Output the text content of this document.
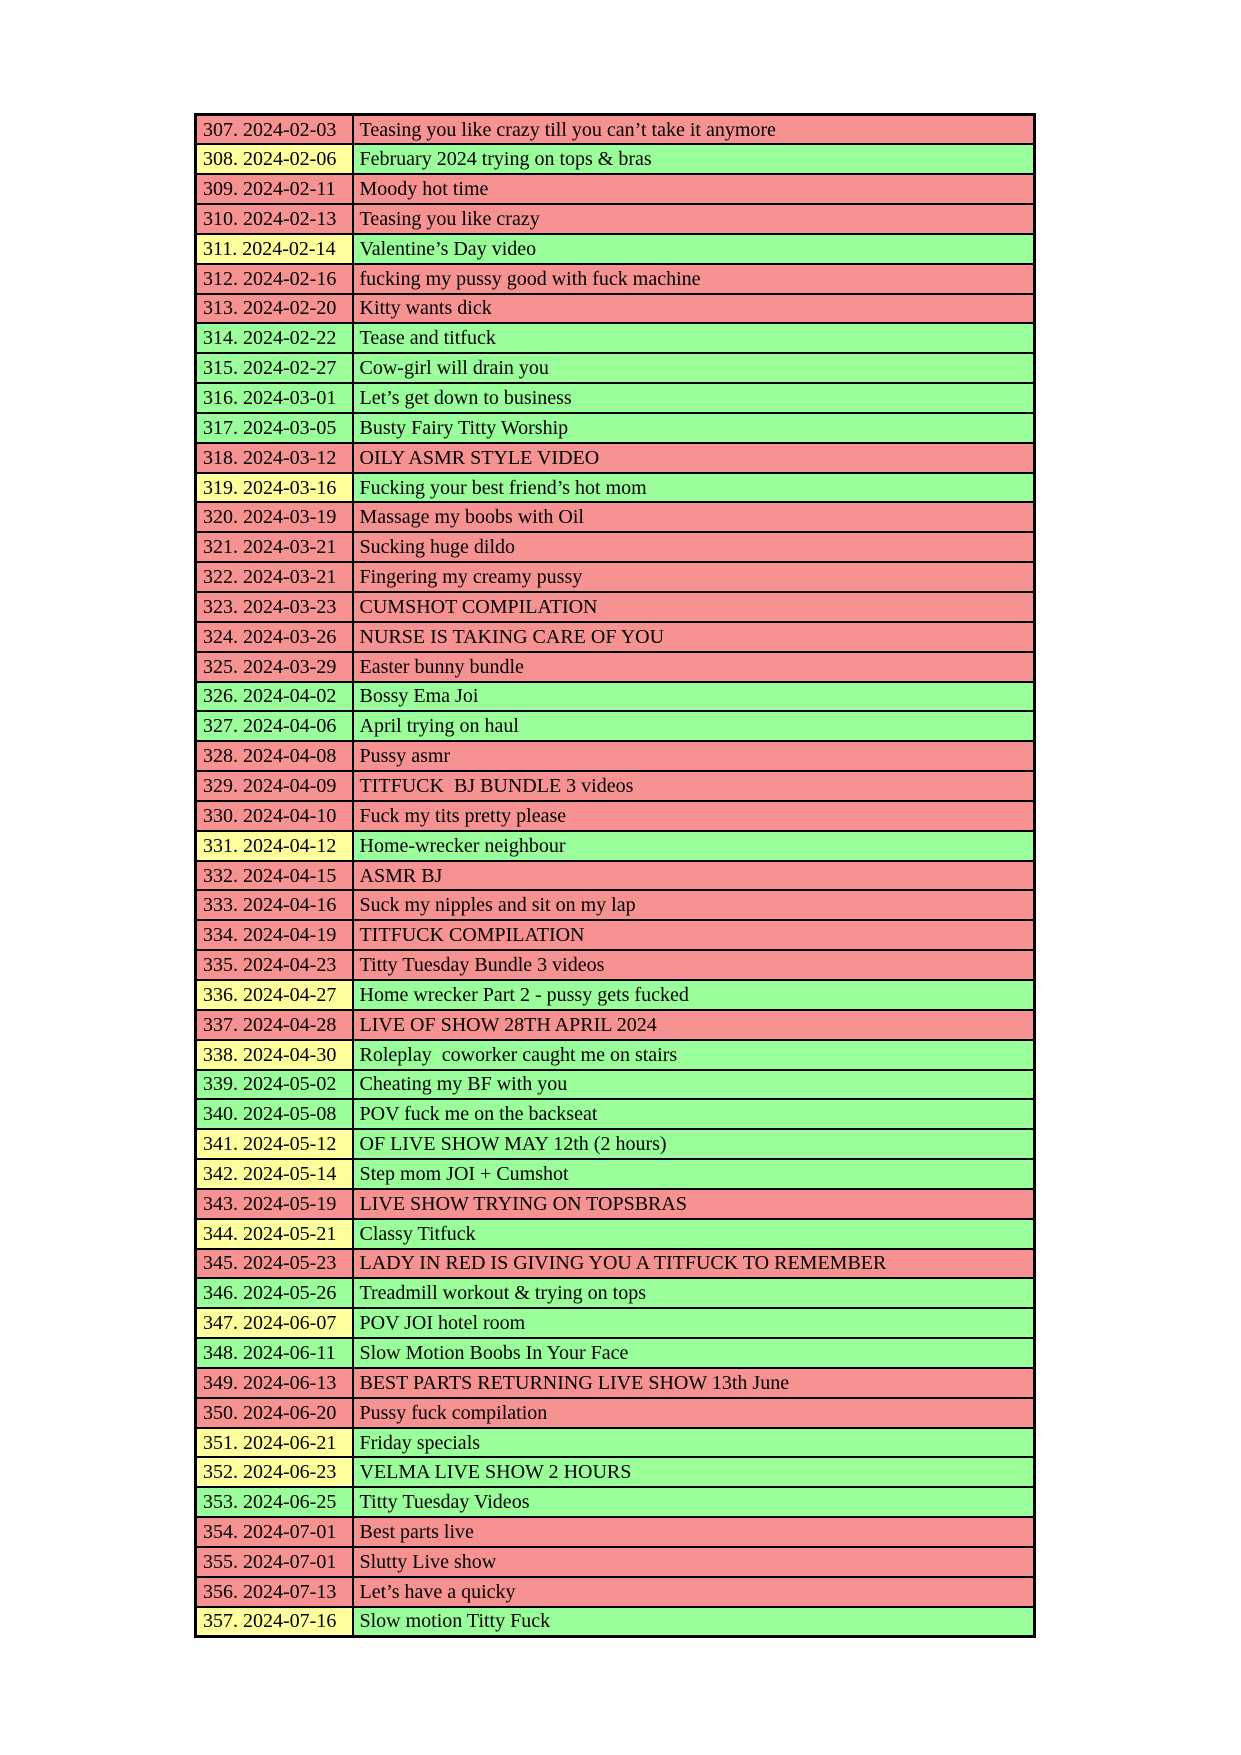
307. 2024-02-03	Teasing you like crazy till you can’t take it anymore
308. 2024-02-06	February 2024 trying on tops & bras
309. 2024-02-11	Moody hot time
310. 2024-02-13	Teasing you like crazy
311. 2024-02-14	Valentine’s Day video
312. 2024-02-16	fucking my pussy good with fuck machine
313. 2024-02-20	Kitty wants dick
314. 2024-02-22	Tease and titfuck
315. 2024-02-27	Cow-girl will drain you
316. 2024-03-01	Let’s get down to business
317. 2024-03-05	Busty Fairy Titty Worship
318. 2024-03-12	OILY ASMR STYLE VIDEO
319. 2024-03-16	Fucking your best friend’s hot mom
320. 2024-03-19	Massage my boobs with Oil
321. 2024-03-21	Sucking huge dildo
322. 2024-03-21	Fingering my creamy pussy
323. 2024-03-23	CUMSHOT COMPILATION
324. 2024-03-26	NURSE IS TAKING CARE OF YOU
325. 2024-03-29	Easter bunny bundle
326. 2024-04-02	Bossy Ema Joi
327. 2024-04-06	April trying on haul
328. 2024-04-08	Pussy asmr
329. 2024-04-09	TITFUCK  BJ BUNDLE 3 videos
330. 2024-04-10	Fuck my tits pretty please
331. 2024-04-12	Home-wrecker neighbour
332. 2024-04-15	ASMR BJ
333. 2024-04-16	Suck my nipples and sit on my lap
334. 2024-04-19	TITFUCK COMPILATION
335. 2024-04-23	Titty Tuesday Bundle 3 videos
336. 2024-04-27	Home wrecker Part 2 - pussy gets fucked
337. 2024-04-28	LIVE OF SHOW 28TH APRIL 2024
338. 2024-04-30	Roleplay  coworker caught me on stairs
339. 2024-05-02	Cheating my BF with you
340. 2024-05-08	POV fuck me on the backseat
341. 2024-05-12	OF LIVE SHOW MAY 12th (2 hours)
342. 2024-05-14	Step mom JOI + Cumshot
343. 2024-05-19	LIVE SHOW TRYING ON TOPSBRAS
344. 2024-05-21	Classy Titfuck
345. 2024-05-23	LADY IN RED IS GIVING YOU A TITFUCK TO REMEMBER
346. 2024-05-26	Treadmill workout & trying on tops
347. 2024-06-07	POV JOI hotel room
348. 2024-06-11	Slow Motion Boobs In Your Face
349. 2024-06-13	BEST PARTS RETURNING LIVE SHOW 13th June
350. 2024-06-20	Pussy fuck compilation
351. 2024-06-21	Friday specials
352. 2024-06-23	VELMA LIVE SHOW 2 HOURS
353. 2024-06-25	Titty Tuesday Videos
354. 2024-07-01	Best parts live
355. 2024-07-01	Slutty Live show
356. 2024-07-13	Let’s have a quicky
357. 2024-07-16	Slow motion Titty Fuck
